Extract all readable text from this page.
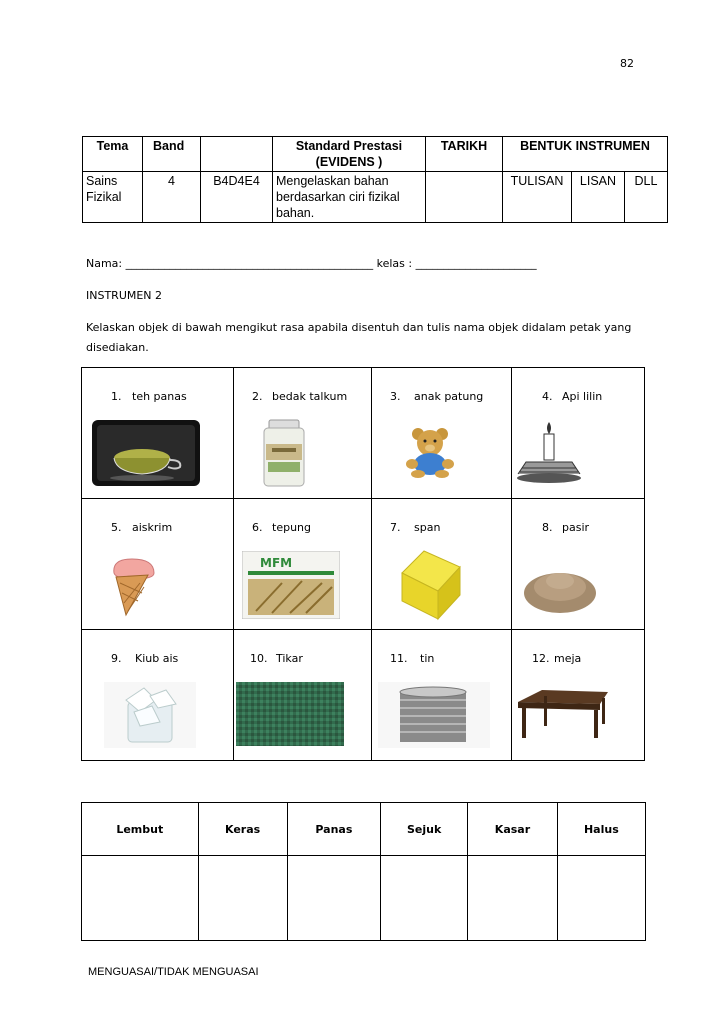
82
Tema	Band		Standard Prestasi (EVIDENS )	TARIKH	BENTUK INSTRUMEN		
Sains Fizikal	4	B4D4E4	Mengelaskan bahan berdasarkan ciri fizikal bahan.		TULISAN	LISAN	DLL
Nama: _____________________________________________ kelas : ______________________
INSTRUMEN 2
Kelaskan objek di bawah mengikut rasa apabila disentuh dan tulis nama objek didalam petak yang
disediakan.
1. teh panas	2. bedak talkum	3. anak patung	4. Api lilin
5. aiskrim	6. tepung
MFM
7. span	8. pasir
9. Kiub ais	10. Tikar	11. tin	12. meja
Lembut	Keras	Panas	Sejuk	Kasar	Halus

MENGUASAI/TIDAK MENGUASAI
